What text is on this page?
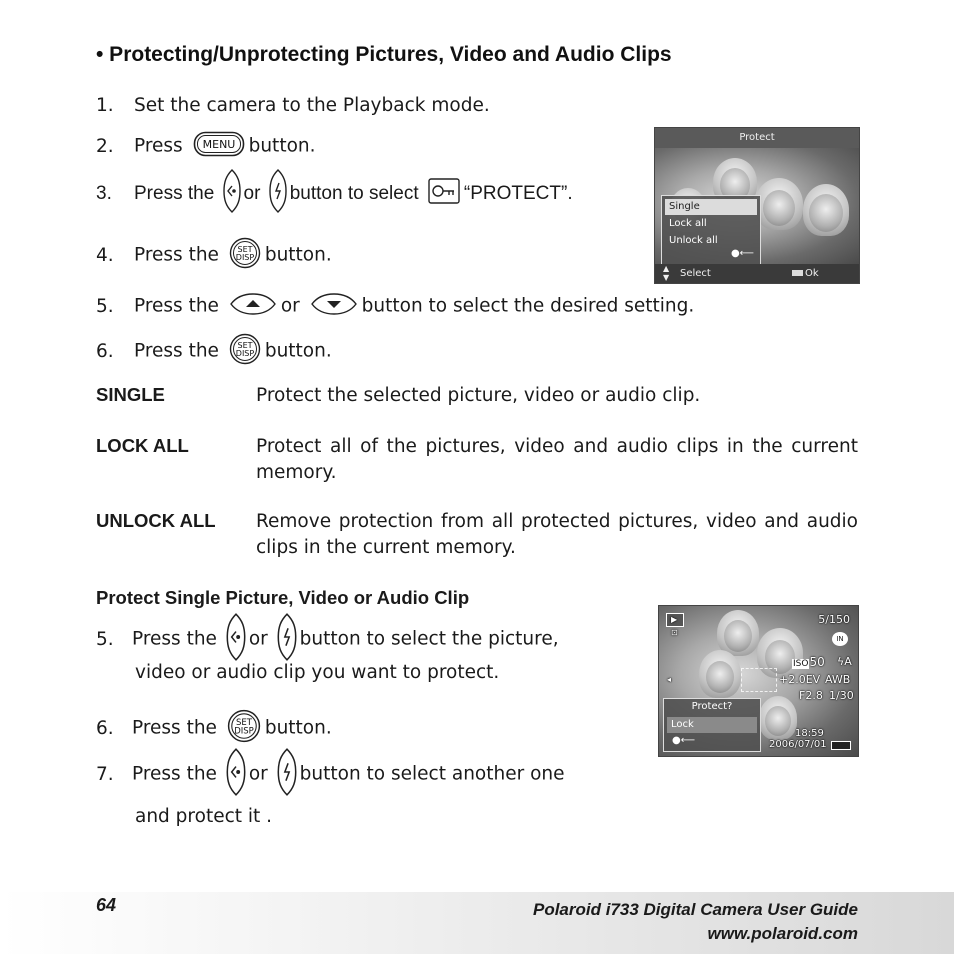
• Protecting/Unprotecting Pictures, Video and Audio Clips
1. Set the camera to the Playback mode.
2. Press MENU button.
3. Press the or button to select “PROTECT”.
4. Press the SET
DISP button.
5. Press the	or	button to select the desired setting.
6. Press the SET
DISP button.
SINGLE	Protect the selected picture, video or audio clip.
LOCK ALL	Protect all of the pictures, video and audio clips in the current memory.
UNLOCK ALL Remove protection from all protected pictures, video and audio clips in the current memory.
Protect Single Picture, Video or Audio Clip
5. Press the or button to select the picture,
video or audio clip you want to protect.
6. Press the SET
DISP button.
7. Press the or button to select another one
and protect it .
Protect
Single
Lock all
Unlock all
●⟵
▲
▼ Select	Ok
▶
⊡
5/150
IN
ISO50 ϟA
+2.0EV AWB
F2.8 1/30
◂
Protect?
Lock
●⟵
18:59
2006/07/01
64	Polaroid i733 Digital Camera User Guide
www.polaroid.com
